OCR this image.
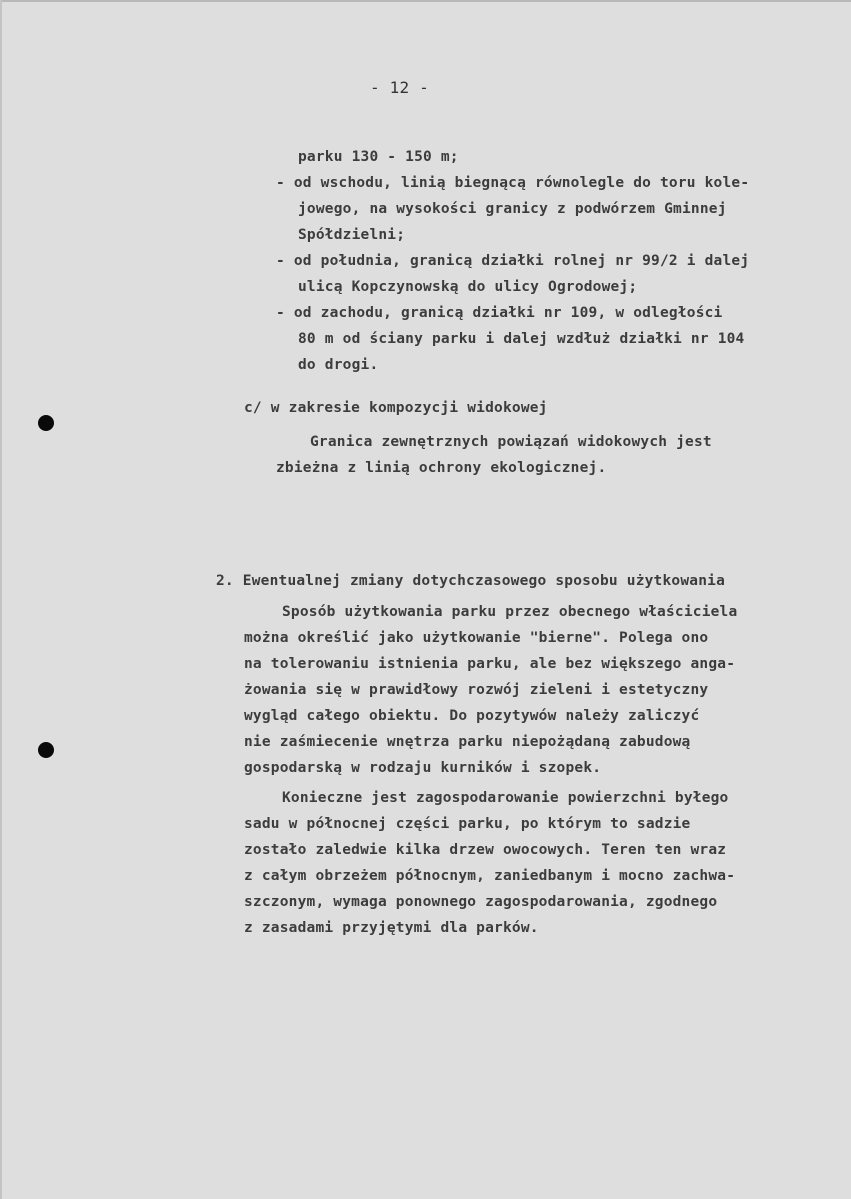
- 12 -
parku 130 - 150 m;
- od wschodu, linią biegnącą równolegle do toru kole-
jowego, na wysokości granicy z podwórzem Gminnej
Spółdzielni;
- od południa, granicą działki rolnej nr 99/2 i dalej
ulicą Kopczynowską do ulicy Ogrodowej;
- od zachodu, granicą działki nr 109, w odległości
80 m od ściany parku i dalej wzdłuż działki nr 104
do drogi.
c/ w zakresie kompozycji widokowej
Granica zewnętrznych powiązań widokowych jest
zbieżna z linią ochrony ekologicznej.
2. Ewentualnej zmiany dotychczasowego sposobu użytkowania
Sposób użytkowania parku przez obecnego właściciela
można określić jako użytkowanie "bierne". Polega ono
na tolerowaniu istnienia parku, ale bez większego anga-
żowania się w prawidłowy rozwój zieleni i estetyczny
wygląd całego obiektu. Do pozytywów należy zaliczyć
nie zaśmiecenie wnętrza parku niepożądaną zabudową
gospodarską w rodzaju kurników i szopek.
Konieczne jest zagospodarowanie powierzchni byłego
sadu w północnej części parku, po którym to sadzie
zostało zaledwie kilka drzew owocowych. Teren ten wraz
z całym obrzeżem północnym, zaniedbanym i mocno zachwa-
szczonym, wymaga ponownego zagospodarowania, zgodnego
z zasadami przyjętymi dla parków.
